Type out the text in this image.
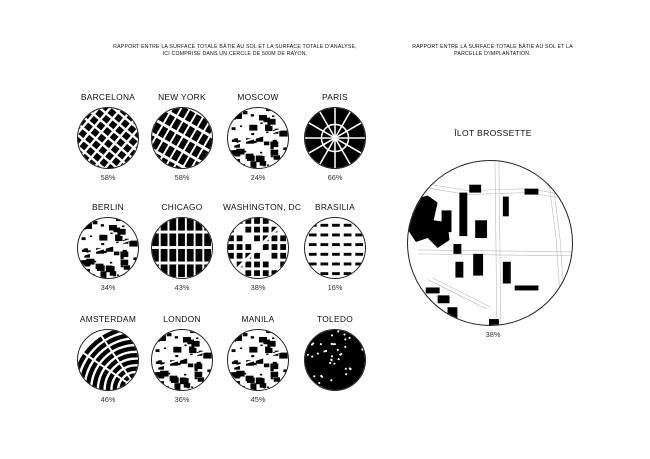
RAPPORT ENTRE LA SURFACE TOTALE BÂTIE AU SOL ET LA SURFACE TOTALE D'ANALYSE,
ICI COMPRISE DANS UN CERCLE DE 500M DE RAYON.
RAPPORT ENTRE LA SURFACE TOTALE BÂTIE AU SOL ET LA
PARCELLE D'IMPLANTATION.
BARCELONA
58%
NEW YORK
58%
MOSCOW
24%
PARIS
66%
BERLIN
34%
CHICAGO
43%
WASHINGTON, DC
38%
BRASILIA
16%
AMSTERDAM
46%
LONDON
36%
MANILA
45%
TOLEDO
ÎLOT BROSSETTE
38%
